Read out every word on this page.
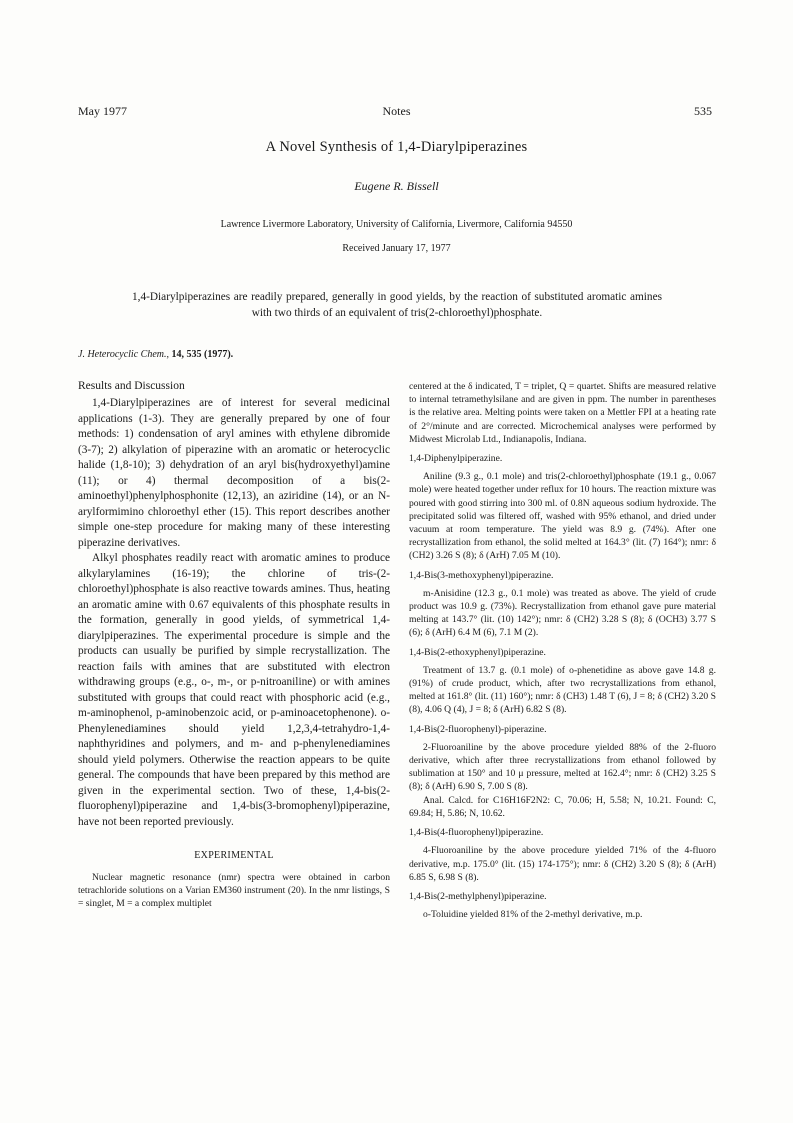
May 1977	Notes	535
A Novel Synthesis of 1,4-Diarylpiperazines
Eugene R. Bissell
Lawrence Livermore Laboratory, University of California, Livermore, California 94550
Received January 17, 1977
1,4-Diarylpiperazines are readily prepared, generally in good yields, by the reaction of substituted aromatic amines with two thirds of an equivalent of tris(2-chloroethyl)phosphate.
J. Heterocyclic Chem., 14, 535 (1977).
Results and Discussion

1,4-Diarylpiperazines are of interest for several medicinal applications (1-3). They are generally prepared by one of four methods: 1) condensation of aryl amines with ethylene dibromide (3-7); 2) alkylation of piperazine with an aromatic or heterocyclic halide (1,8-10); 3) dehydration of an aryl bis(hydroxyethyl)amine (11); or 4) thermal decomposition of a bis(2-aminoethyl)phenylphosphonite (12,13), an aziridine (14), or an N-arylformimino chloroethyl ether (15). This report describes another simple one-step procedure for making many of these interesting piperazine derivatives.

Alkyl phosphates readily react with aromatic amines to produce alkylarylamines (16-19); the chlorine of tris-(2-chloroethyl)phosphate is also reactive towards amines. Thus, heating an aromatic amine with 0.67 equivalents of this phosphate results in the formation, generally in good yields, of symmetrical 1,4-diarylpiperazines. The experimental procedure is simple and the products can usually be purified by simple recrystallization. The reaction fails with amines that are substituted with electron withdrawing groups (e.g., o-, m-, or p-nitroaniline) or with amines substituted with groups that could react with phosphoric acid (e.g., m-aminophenol, p-aminobenzoic acid, or p-aminoacetophenone). o-Phenylenediamines should yield 1,2,3,4-tetrahydro-1,4-naphthyridines and polymers, and m- and p-phenylenediamines should yield polymers. Otherwise the reaction appears to be quite general. The compounds that have been prepared by this method are given in the experimental section. Two of these, 1,4-bis(2-fluorophenyl)piperazine and 1,4-bis(3-bromophenyl)piperazine, have not been reported previously.

EXPERIMENTAL

Nuclear magnetic resonance (nmr) spectra were obtained in carbon tetrachloride solutions on a Varian EM360 instrument (20). In the nmr listings, S = singlet, M = a complex multiplet

centered at the δ indicated, T = triplet, Q = quartet. Shifts are measured relative to internal tetramethylsilane and are given in ppm. The number in parentheses is the relative area. Melting points were taken on a Mettler FPI at a heating rate of 2°/minute and are corrected. Microchemical analyses were performed by Midwest Microlab Ltd., Indianapolis, Indiana.

1,4-Diphenylpiperazine.

Aniline (9.3 g., 0.1 mole) and tris(2-chloroethyl)phosphate (19.1 g., 0.067 mole) were heated together under reflux for 10 hours. The reaction mixture was poured with good stirring into 300 ml. of 0.8N aqueous sodium hydroxide. The precipitated solid was filtered off, washed with 95% ethanol, and dried under vacuum at room temperature. The yield was 8.9 g. (74%). After one recrystallization from ethanol, the solid melted at 164.3° (lit. (7) 164°); nmr: δ (CH2) 3.26 S (8); δ (ArH) 7.05 M (10).

1,4-Bis(3-methoxyphenyl)piperazine.

m-Anisidine (12.3 g., 0.1 mole) was treated as above. The yield of crude product was 10.9 g. (73%). Recrystallization from ethanol gave pure material melting at 143.7° (lit. (10) 142°); nmr: δ (CH2) 3.28 S (8); δ (OCH3) 3.77 S (6); δ (ArH) 6.4 M (6), 7.1 M (2).

1,4-Bis(2-ethoxyphenyl)piperazine.

Treatment of 13.7 g. (0.1 mole) of o-phenetidine as above gave 14.8 g. (91%) of crude product, which, after two recrystallizations from ethanol, melted at 161.8° (lit. (11) 160°); nmr: δ (CH3) 1.48 T (6), J = 8; δ (CH2) 3.20 S (8), 4.06 Q (4), J = 8; δ (ArH) 6.82 S (8).

1,4-Bis(2-fluorophenyl)-piperazine.

2-Fluoroaniline by the above procedure yielded 88% of the 2-fluoro derivative, which after three recrystallizations from ethanol followed by sublimation at 150° and 10 μ pressure, melted at 162.4°; nmr: δ (CH2) 3.25 S (8); δ (ArH) 6.90 S, 7.00 S (8).

Anal. Calcd. for C16H16F2N2: C, 70.06; H, 5.58; N, 10.21. Found: C, 69.84; H, 5.86; N, 10.62.

1,4-Bis(4-fluorophenyl)piperazine.

4-Fluoroaniline by the above procedure yielded 71% of the 4-fluoro derivative, m.p. 175.0° (lit. (15) 174-175°); nmr: δ (CH2) 3.20 S (8); δ (ArH) 6.85 S, 6.98 S (8).

1,4-Bis(2-methylphenyl)piperazine.

o-Toluidine yielded 81% of the 2-methyl derivative, m.p.
